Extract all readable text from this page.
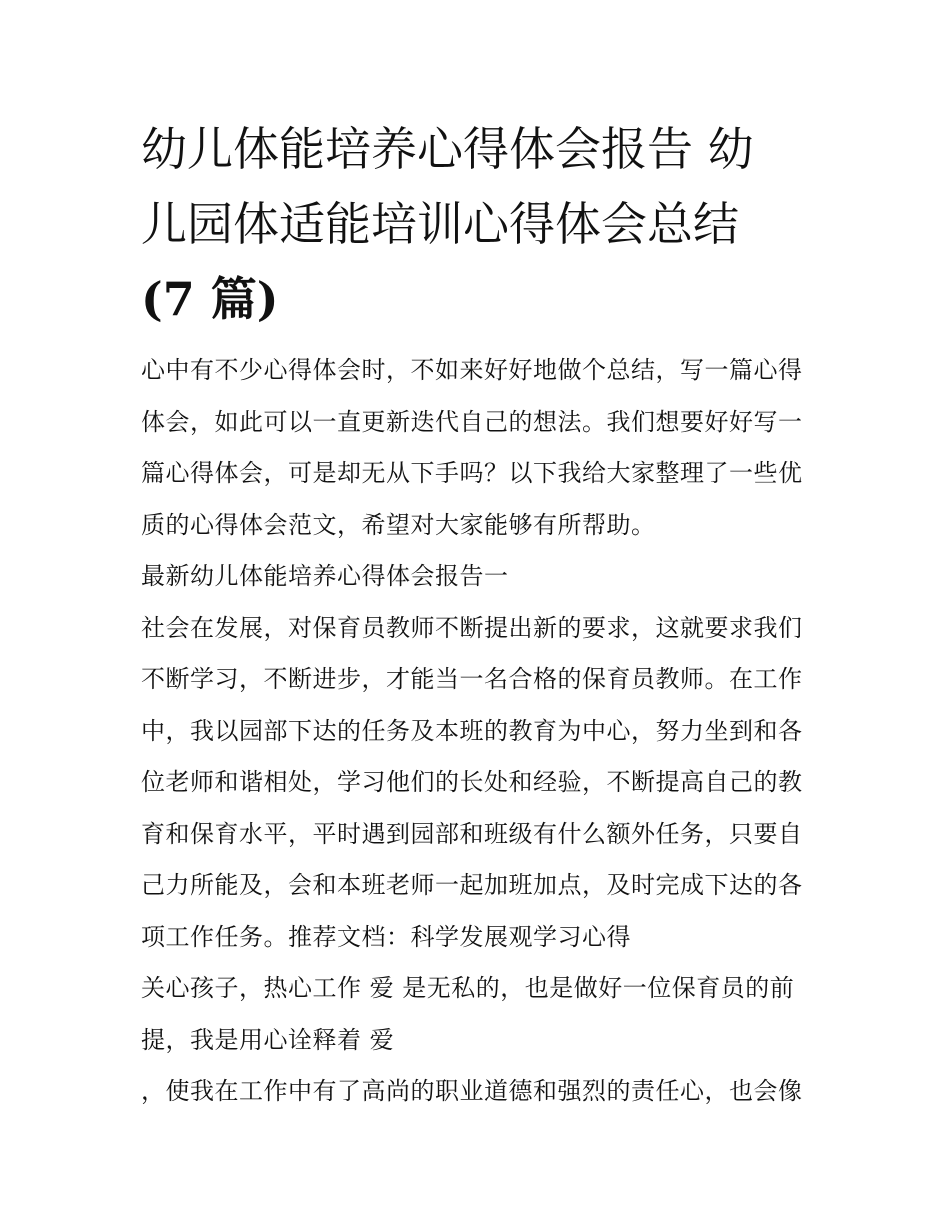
幼儿体能培养心得体会报告 幼
儿园体适能培训心得体会总结
(7 篇)
心中有不少心得体会时，不如来好好地做个总结，写一篇心得
体会，如此可以一直更新迭代自己的想法。我们想要好好写一
篇心得体会，可是却无从下手吗？以下我给大家整理了一些优
质的心得体会范文，希望对大家能够有所帮助。
最新幼儿体能培养心得体会报告一
社会在发展，对保育员教师不断提出新的要求，这就要求我们
不断学习，不断进步，才能当一名合格的保育员教师。在工作
中，我以园部下达的任务及本班的教育为中心，努力坐到和各
位老师和谐相处，学习他们的长处和经验，不断提高自己的教
育和保育水平，平时遇到园部和班级有什么额外任务，只要自
己力所能及，会和本班老师一起加班加点，及时完成下达的各
项工作任务。推荐文档：科学发展观学习心得
关心孩子，热心工作 爱 是无私的，也是做好一位保育员的前
提，我是用心诠释着 爱
，使我在工作中有了高尚的职业道德和强烈的责任心，也会像
